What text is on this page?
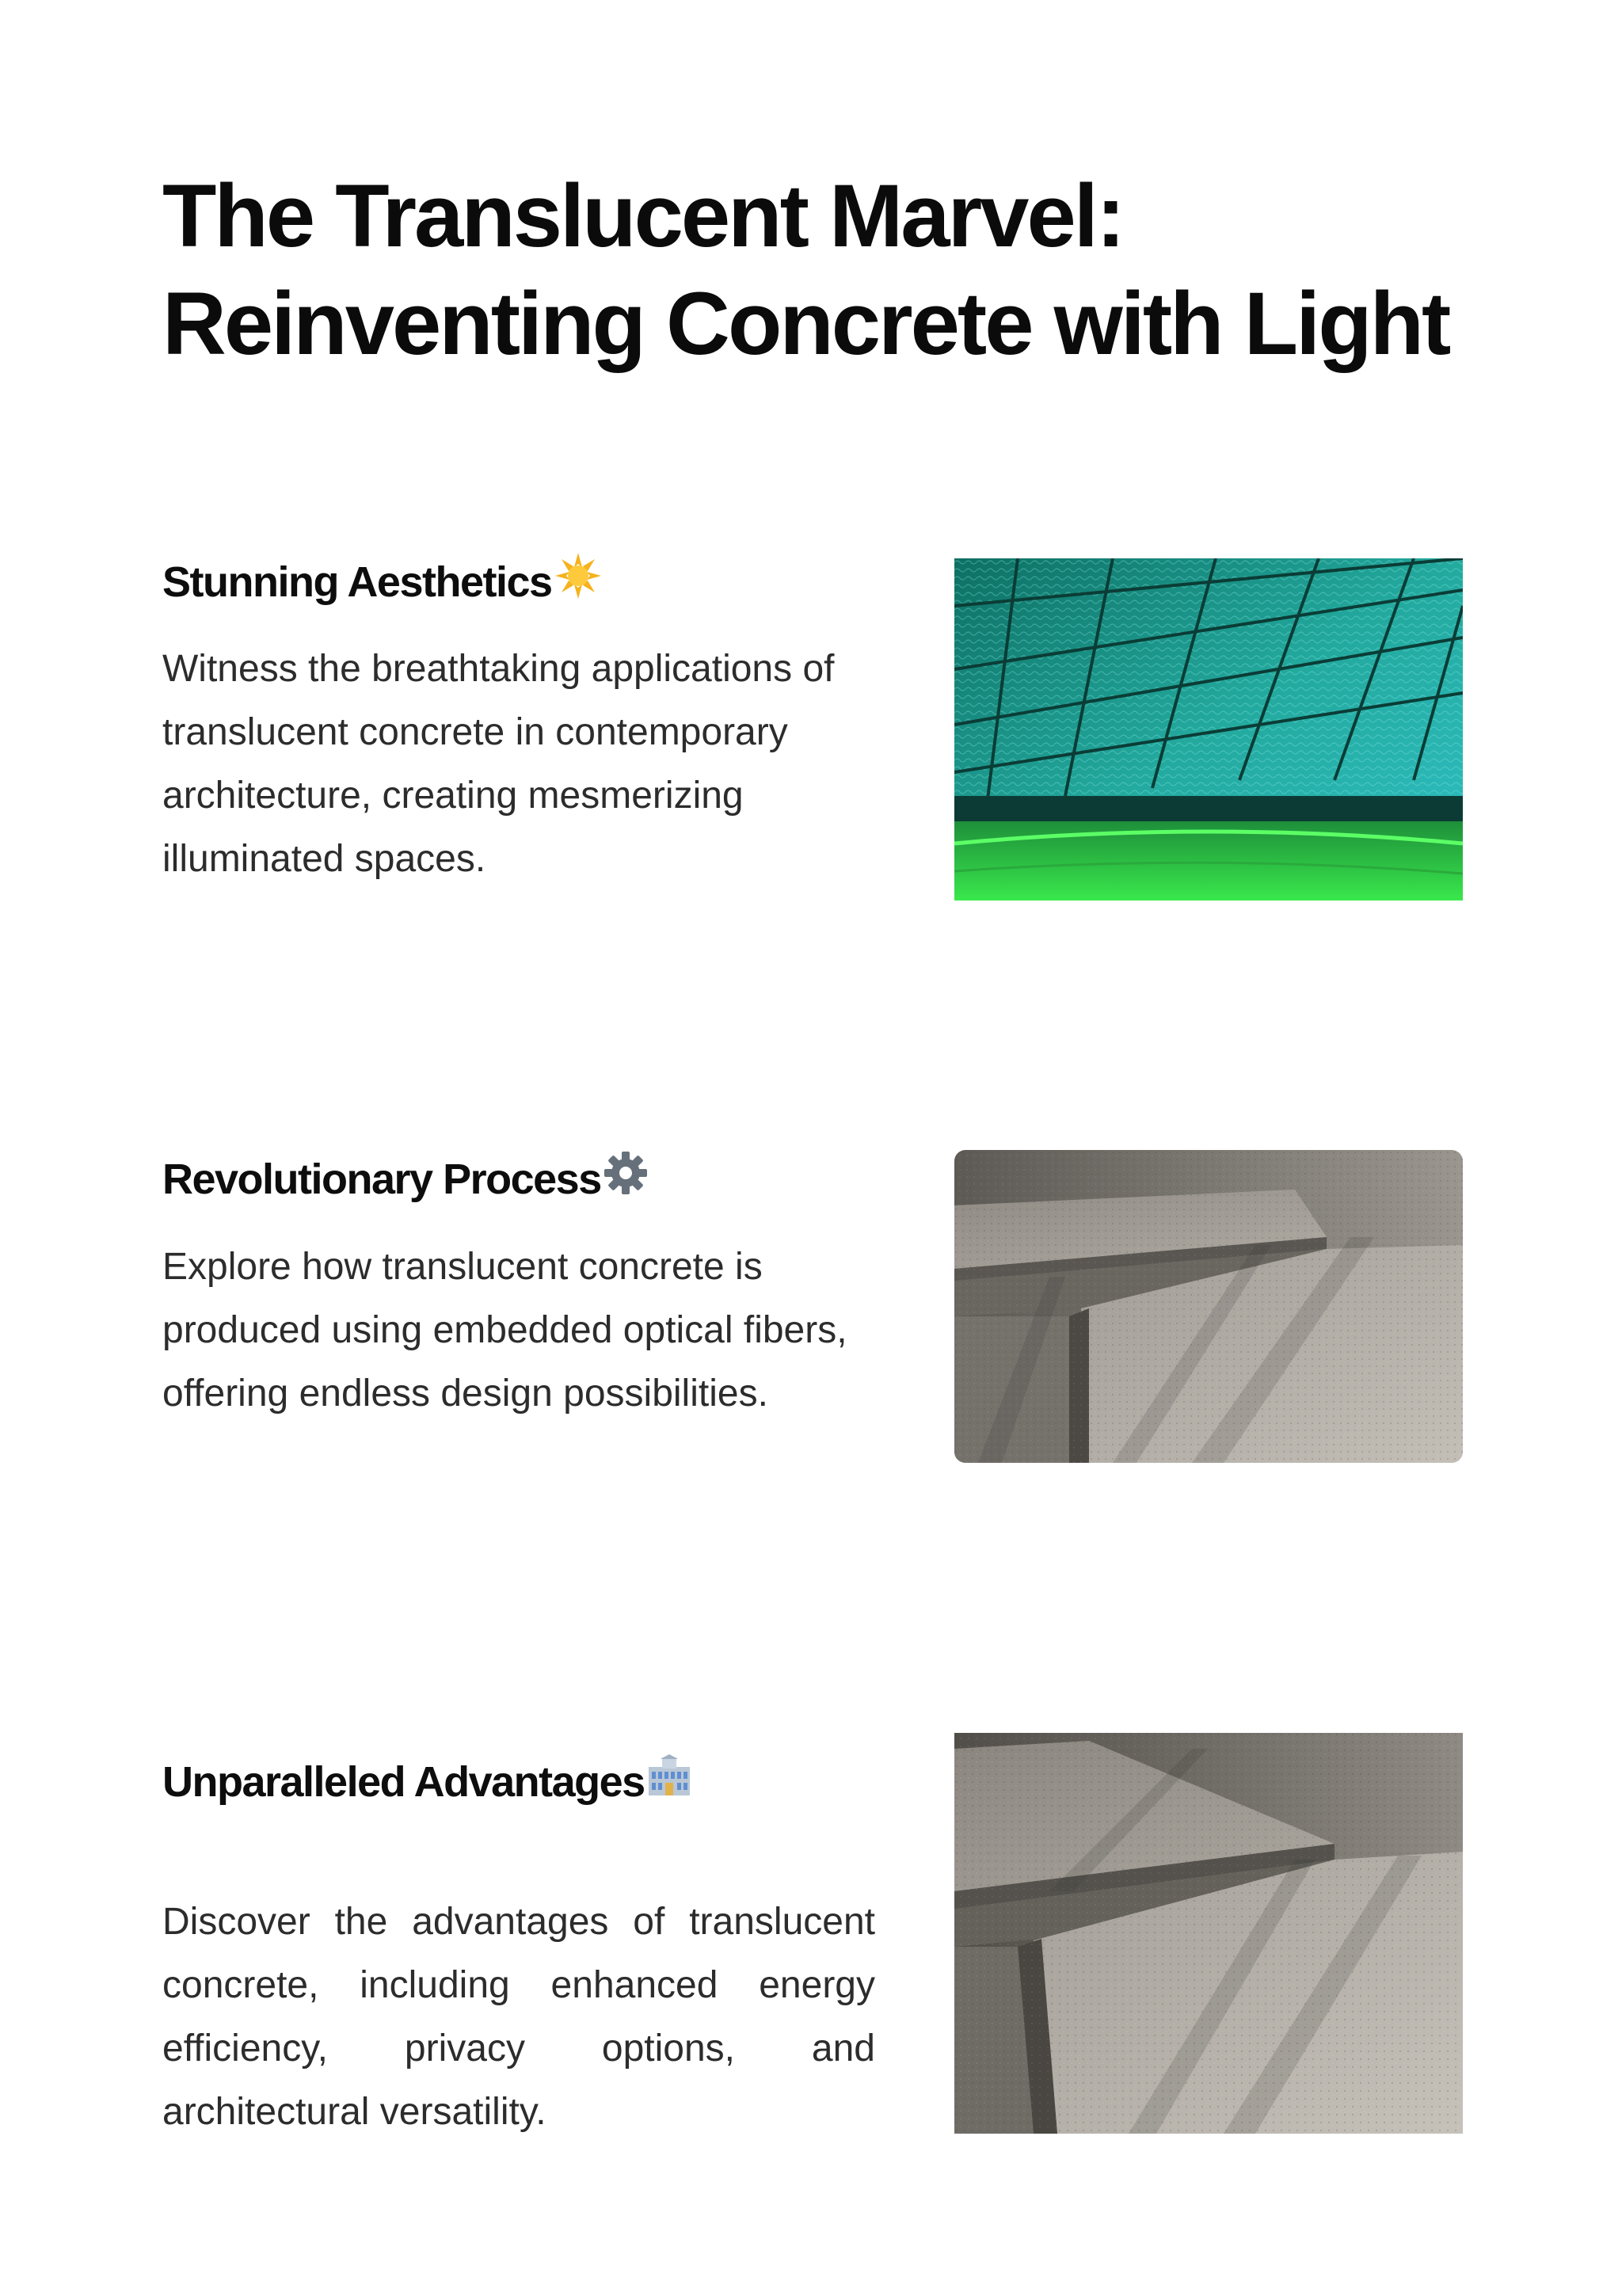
The Translucent Marvel: Reinventing Concrete with Light
Stunning Aesthetics

Witness the breathtaking applications of translucent concrete in contemporary architecture, creating mesmerizing illuminated spaces.

Revolutionary Process

Explore how translucent concrete is produced using embedded optical fibers, offering endless design possibilities.

Unparalleled Advantages

Discover the advantages of translucent concrete, including enhanced energy efficiency, privacy options, and architectural versatility.
